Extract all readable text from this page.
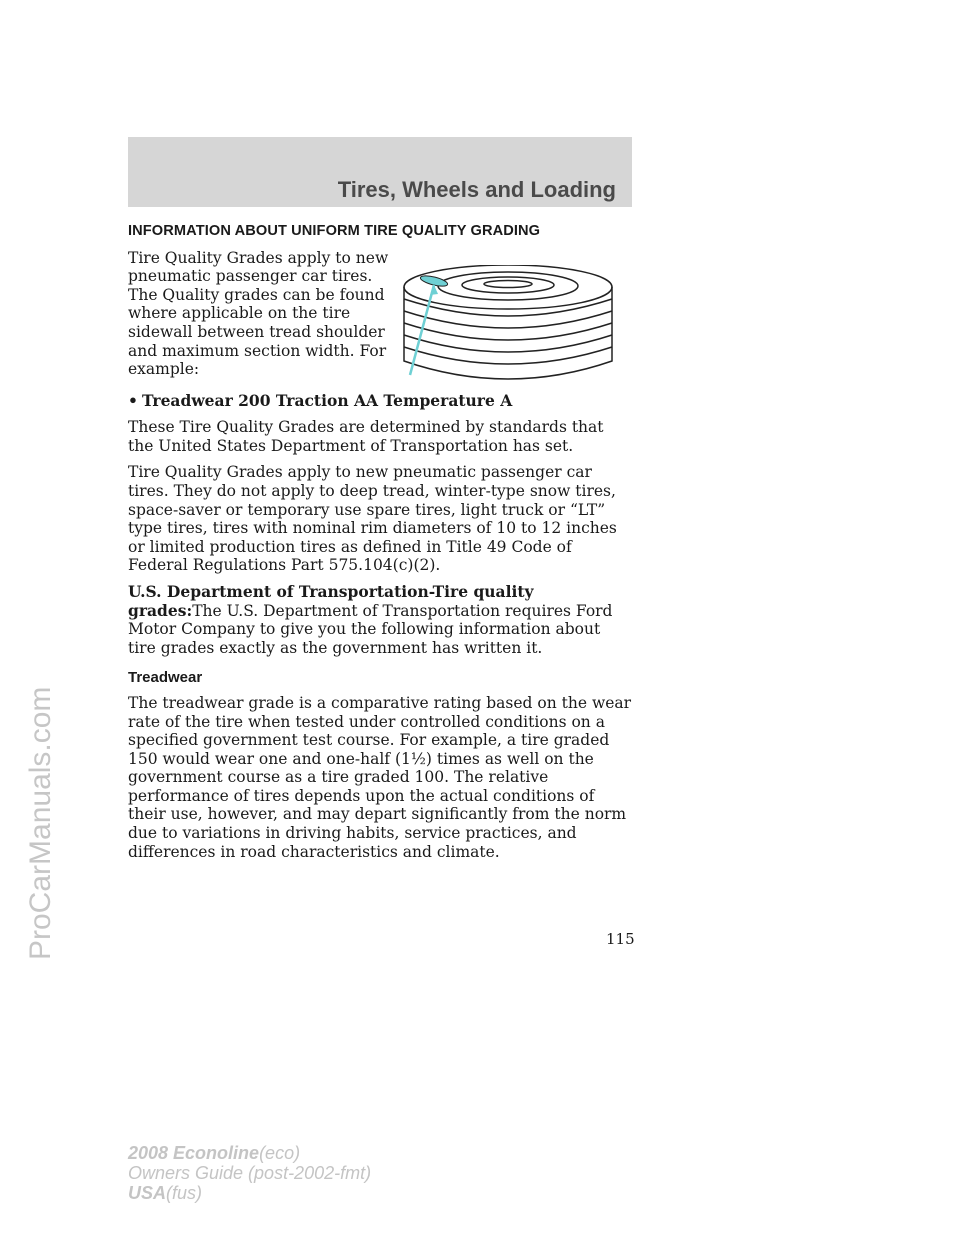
Tires, Wheels and Loading
INFORMATION ABOUT UNIFORM TIRE QUALITY GRADING

Tire Quality Grades apply to new pneumatic passenger car tires. The Quality grades can be found where applicable on the tire sidewall between tread shoulder and maximum section width. For example:

• Treadwear 200 Traction AA Temperature A

These Tire Quality Grades are determined by standards that the United States Department of Transportation has set.

Tire Quality Grades apply to new pneumatic passenger car tires. They do not apply to deep tread, winter-type snow tires, space-saver or temporary use spare tires, light truck or “LT” type tires, tires with nominal rim diameters of 10 to 12 inches or limited production tires as defined in Title 49 Code of Federal Regulations Part 575.104(c)(2).

U.S. Department of Transportation-Tire quality grades:The U.S. Department of Transportation requires Ford Motor Company to give you the following information about tire grades exactly as the government has written it.

Treadwear

The treadwear grade is a comparative rating based on the wear rate of the tire when tested under controlled conditions on a specified government test course. For example, a tire graded 150 would wear one and one-half (1½) times as well on the government course as a tire graded 100. The relative performance of tires depends upon the actual conditions of their use, however, and may depart significantly from the norm due to variations in driving habits, service practices, and differences in road characteristics and climate.

115
2008 Econoline(eco)
Owners Guide (post-2002-fmt)
USA(fus)
ProCarManuals.com
